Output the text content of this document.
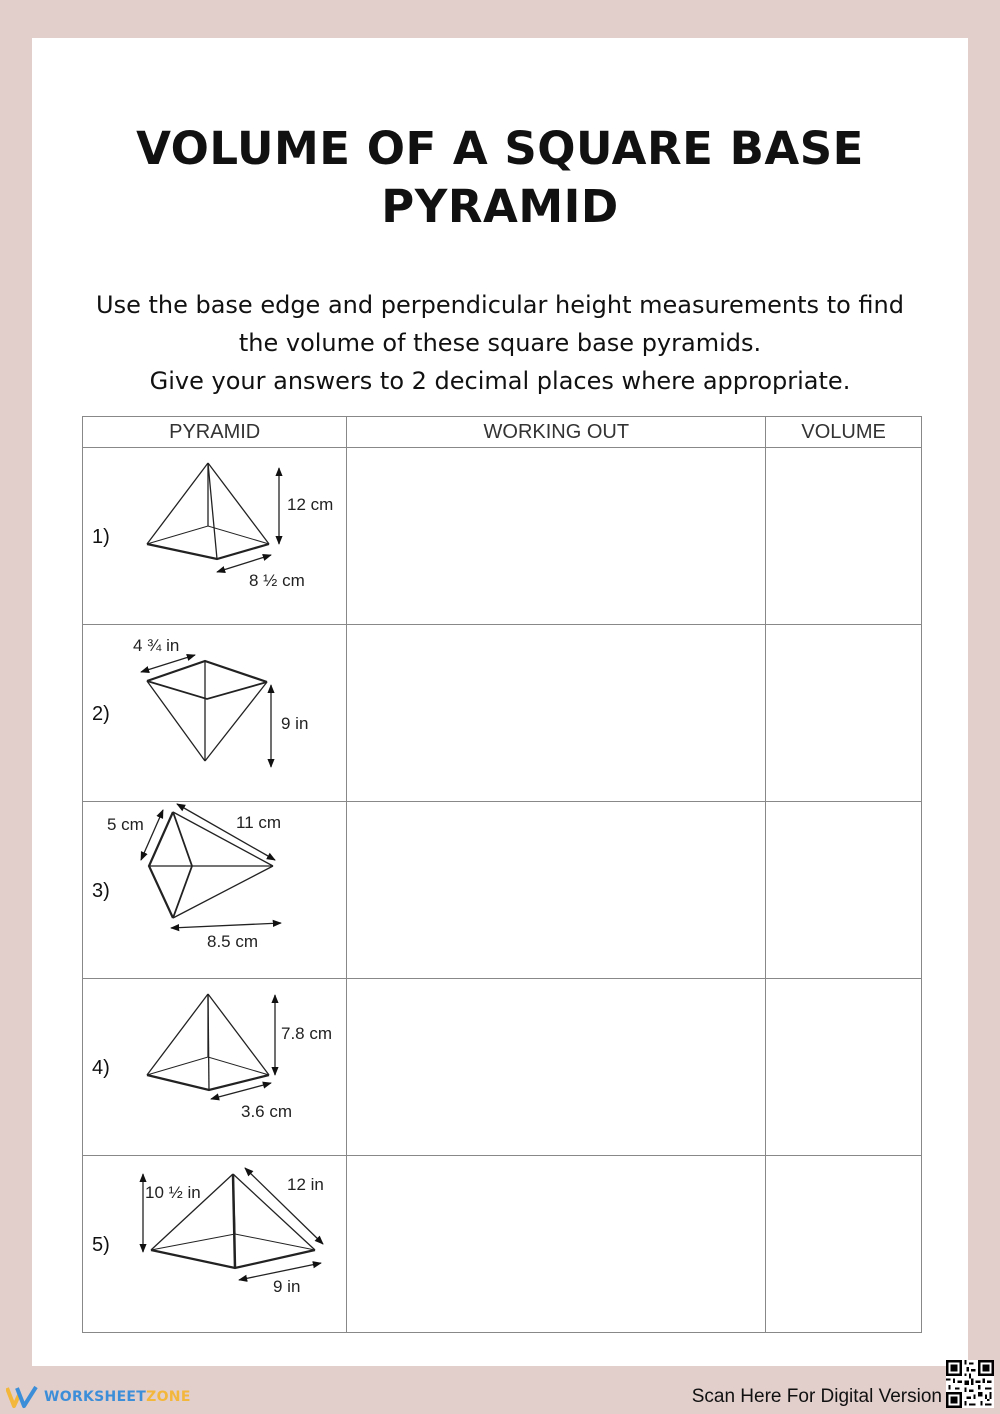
VOLUME OF A SQUARE BASE
PYRAMID
Use the base edge and perpendicular height measurements to find
the volume of these square base pyramids.
Give your answers to 2 decimal places where appropriate.
PYRAMID	WORKING OUT	VOLUME

1)
12 cm
8 ½ cm		

2)
4 ¾ in
9 in		

3)
5 cm 11 cm
8.5 cm		

4)
7.8 cm
3.6 cm		

5)
10 ½ in 12 in
9 in		

WORKSHEETZONE	Scan Here For Digital Version
